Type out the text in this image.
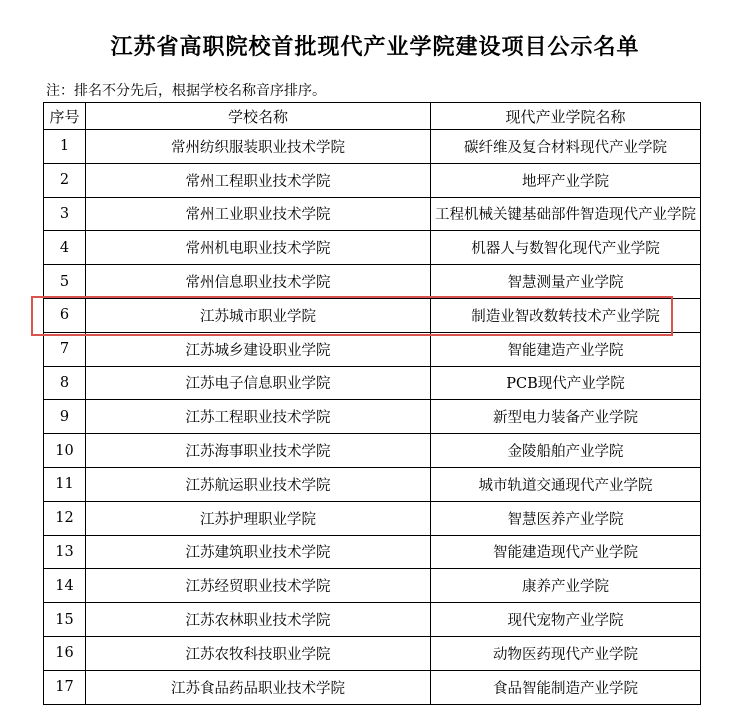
江苏省高职院校首批现代产业学院建设项目公示名单
注：排名不分先后，根据学校名称音序排序。
序号	学校名称	现代产业学院名称
1	常州纺织服装职业技术学院	碳纤维及复合材料现代产业学院
2	常州工程职业技术学院	地坪产业学院
3	常州工业职业技术学院	工程机械关键基础部件智造现代产业学院
4	常州机电职业技术学院	机器人与数智化现代产业学院
5	常州信息职业技术学院	智慧测量产业学院
6	江苏城市职业学院	制造业智改数转技术产业学院
7	江苏城乡建设职业学院	智能建造产业学院
8	江苏电子信息职业学院	PCB现代产业学院
9	江苏工程职业技术学院	新型电力装备产业学院
10	江苏海事职业技术学院	金陵船舶产业学院
11	江苏航运职业技术学院	城市轨道交通现代产业学院
12	江苏护理职业学院	智慧医养产业学院
13	江苏建筑职业技术学院	智能建造现代产业学院
14	江苏经贸职业技术学院	康养产业学院
15	江苏农林职业技术学院	现代宠物产业学院
16	江苏农牧科技职业学院	动物医药现代产业学院
17	江苏食品药品职业技术学院	食品智能制造产业学院
